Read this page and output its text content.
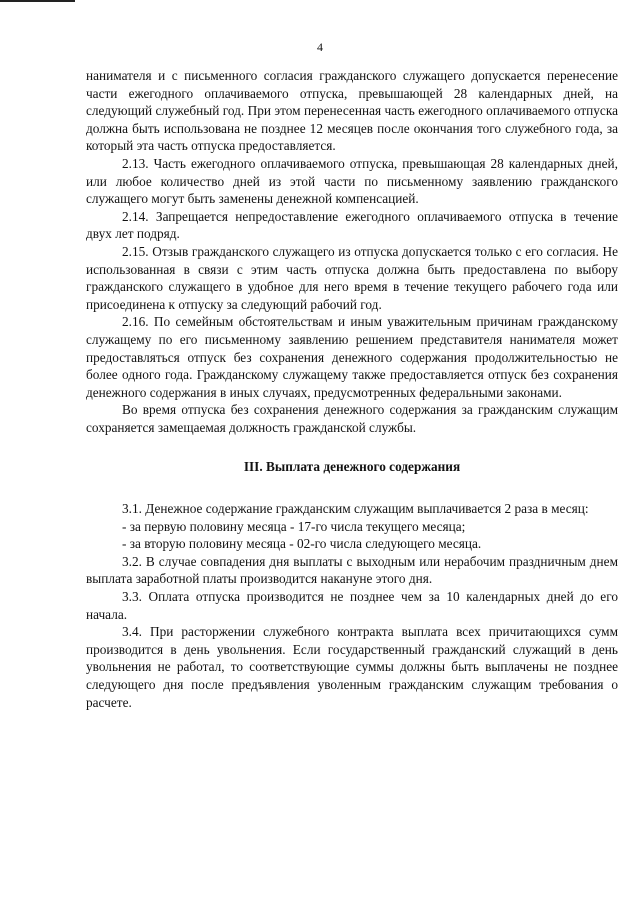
4

нанимателя и с письменного согласия гражданского служащего допускается перенесение части ежегодного оплачиваемого отпуска, превышающей 28 календарных дней, на следующий служебный год. При этом перенесенная часть ежегодного оплачиваемого отпуска должна быть использована не позднее 12 месяцев после окончания того служебного года, за который эта часть отпуска предоставляется.

2.13. Часть ежегодного оплачиваемого отпуска, превышающая 28 календарных дней, или любое количество дней из этой части по письменному заявлению гражданского служащего могут быть заменены денежной компенсацией.

2.14. Запрещается непредоставление ежегодного оплачиваемого отпуска в течение двух лет подряд.

2.15. Отзыв гражданского служащего из отпуска допускается только с его согласия. Не использованная в связи с этим часть отпуска должна быть предоставлена по выбору гражданского служащего в удобное для него время в течение текущего рабочего года или присоединена к отпуску за следующий рабочий год.

2.16. По семейным обстоятельствам и иным уважительным причинам гражданскому служащему по его письменному заявлению решением представителя нанимателя может предоставляться отпуск без сохранения денежного содержания продолжительностью не более одного года. Гражданскому служащему также предоставляется отпуск без сохранения денежного содержания в иных случаях, предусмотренных федеральными законами.

Во время отпуска без сохранения денежного содержания за гражданским служащим сохраняется замещаемая должность гражданской службы.

III. Выплата денежного содержания

3.1. Денежное содержание гражданским служащим выплачивается 2 раза в месяц:

- за первую половину месяца - 17-го числа текущего месяца;

- за вторую половину месяца - 02-го числа следующего месяца.

3.2. В случае совпадения дня выплаты с выходным или нерабочим праздничным днем выплата заработной платы производится накануне этого дня.

3.3. Оплата отпуска производится не позднее чем за 10 календарных дней до его начала.

3.4. При расторжении служебного контракта выплата всех причитающихся сумм производится в день увольнения. Если государственный гражданский служащий в день увольнения не работал, то соответствующие суммы должны быть выплачены не позднее следующего дня после предъявления уволенным гражданским служащим требования о расчете.
